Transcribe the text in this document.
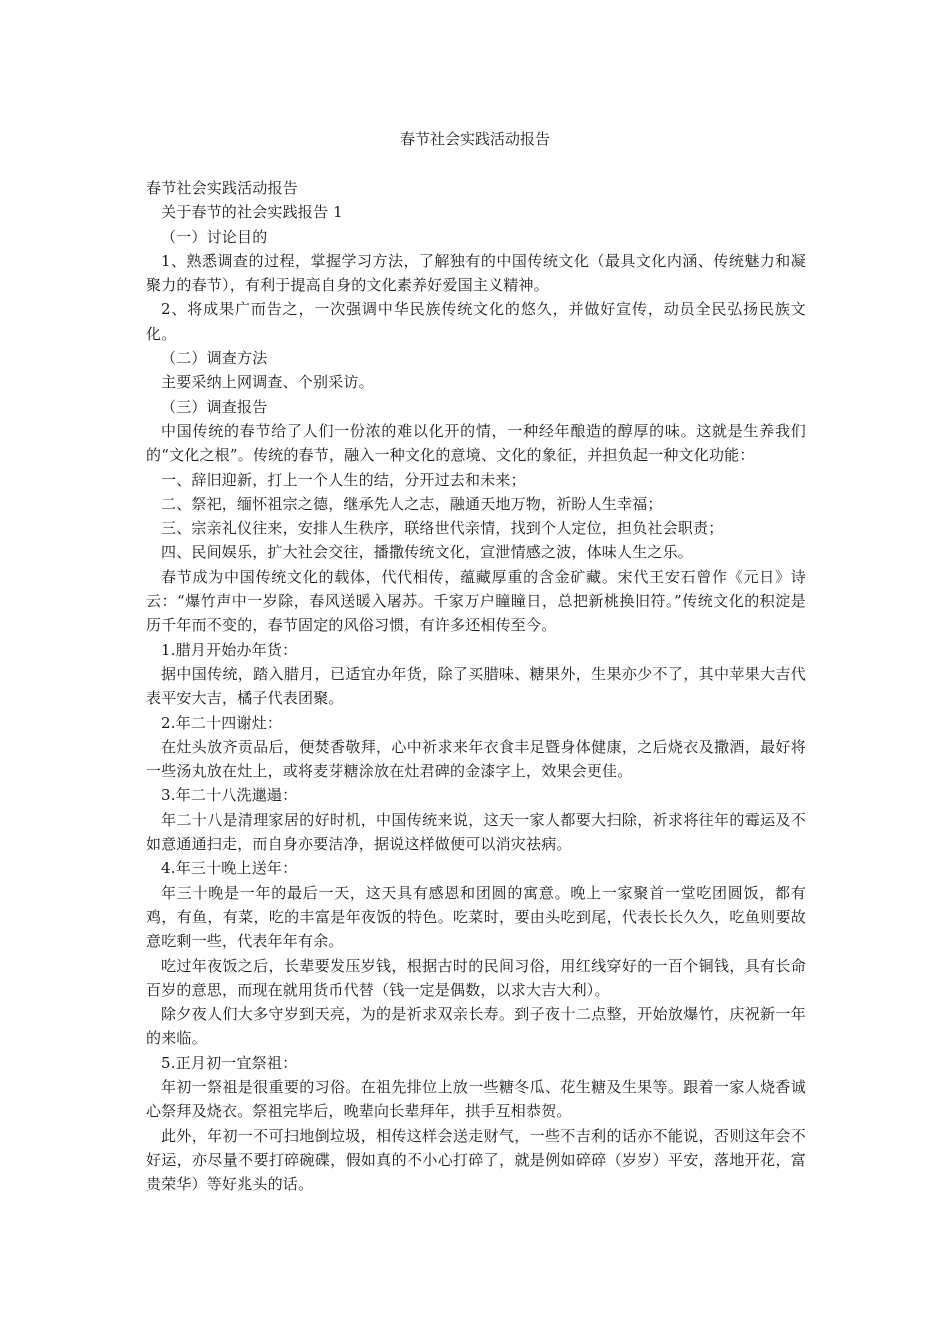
春节社会实践活动报告

春节社会实践活动报告

关于春节的社会实践报告 1

（一）讨论目的

1、熟悉调查的过程，掌握学习方法，了解独有的中国传统文化（最具文化内涵、传统魅力和凝聚力的春节），有利于提高自身的文化素养好爱国主义精神。

2、将成果广而告之，一次强调中华民族传统文化的悠久，并做好宣传，动员全民弘扬民族文化。

（二）调查方法

主要采纳上网调查、个别采访。

（三）调查报告

中国传统的春节给了人们一份浓的难以化开的情，一种经年酿造的醇厚的味。这就是生养我们的“文化之根”。传统的春节，融入一种文化的意境、文化的象征，并担负起一种文化功能：

一、辞旧迎新，打上一个人生的结，分开过去和未来；

二、祭祀，缅怀祖宗之德，继承先人之志，融通天地万物，祈盼人生幸福；

三、宗亲礼仪往来，安排人生秩序，联络世代亲情，找到个人定位，担负社会职责；

四、民间娱乐，扩大社会交往，播撒传统文化，宣泄情感之波，体味人生之乐。

春节成为中国传统文化的载体，代代相传，蕴藏厚重的含金矿藏。宋代王安石曾作《元日》诗云：“爆竹声中一岁除，春风送暖入屠苏。千家万户瞳瞳日，总把新桃换旧符。”传统文化的积淀是历千年而不变的，春节固定的风俗习惯，有许多还相传至今。

1.腊月开始办年货：

据中国传统，踏入腊月，已适宜办年货，除了买腊味、糖果外，生果亦少不了，其中苹果大吉代表平安大吉，橘子代表团聚。

2.年二十四谢灶：

在灶头放齐贡品后，便焚香敬拜，心中祈求来年衣食丰足暨身体健康，之后烧衣及撒酒，最好将一些汤丸放在灶上，或将麦芽糖涂放在灶君碑的金漆字上，效果会更佳。

3.年二十八洗邋遢：

年二十八是清理家居的好时机，中国传统来说，这天一家人都要大扫除，祈求将往年的霉运及不如意通通扫走，而自身亦要洁净，据说这样做便可以消灾祛病。

4.年三十晚上送年：

年三十晚是一年的最后一天，这天具有感恩和团圆的寓意。晚上一家聚首一堂吃团圆饭，都有鸡，有鱼，有菜，吃的丰富是年夜饭的特色。吃菜时，要由头吃到尾，代表长长久久，吃鱼则要故意吃剩一些，代表年年有余。

吃过年夜饭之后，长辈要发压岁钱，根据古时的民间习俗，用红线穿好的一百个铜钱，具有长命百岁的意思，而现在就用货币代替（钱一定是偶数，以求大吉大利）。

除夕夜人们大多守岁到天亮，为的是祈求双亲长寿。到子夜十二点整，开始放爆竹，庆祝新一年的来临。

5.正月初一宜祭祖：

年初一祭祖是很重要的习俗。在祖先排位上放一些糖冬瓜、花生糖及生果等。跟着一家人烧香诚心祭拜及烧衣。祭祖完毕后，晚辈向长辈拜年，拱手互相恭贺。

此外，年初一不可扫地倒垃圾，相传这样会送走财气，一些不吉利的话亦不能说，否则这年会不好运，亦尽量不要打碎碗碟，假如真的不小心打碎了，就是例如碎碎（岁岁）平安，落地开花，富贵荣华）等好兆头的话。
